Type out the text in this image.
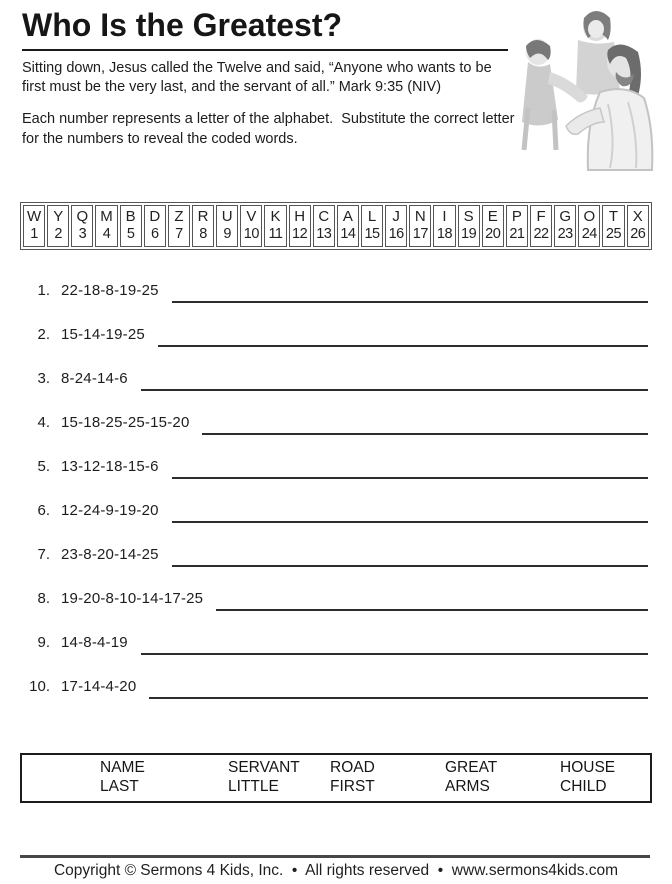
Who Is the Greatest?

Sitting down, Jesus called the Twelve and said, “Anyone who wants to be first must be the very last, and the servant of all.” Mark 9:35 (NIV)

Each number represents a letter of the alphabet.  Substitute the correct letter for the numbers to reveal the coded words.

W
1

Y
2

Q
3

M
4

B
5

D
6

Z
7

R
8

U
9

V
10

K
11

H
12

C
13

A
14

L
15

J
16

N
17

I
18

S
19

E
20

P
21

F
22

G
23

O
24

T
25

X
26
1. 22-18-8-19-25
2. 15-14-19-25
3. 8-24-14-6
4. 15-18-25-25-15-20
5. 13-12-18-15-6
6. 12-24-9-19-20
7. 23-8-20-14-25
8. 19-20-8-10-14-17-25
9. 14-8-4-19
10. 17-14-4-20
NAME	SERVANT	ROAD	GREAT	HOUSE
LAST	LITTLE	FIRST	ARMS	CHILD
Copyright © Sermons 4 Kids, Inc.  •  All rights reserved  •  www.sermons4kids.com
